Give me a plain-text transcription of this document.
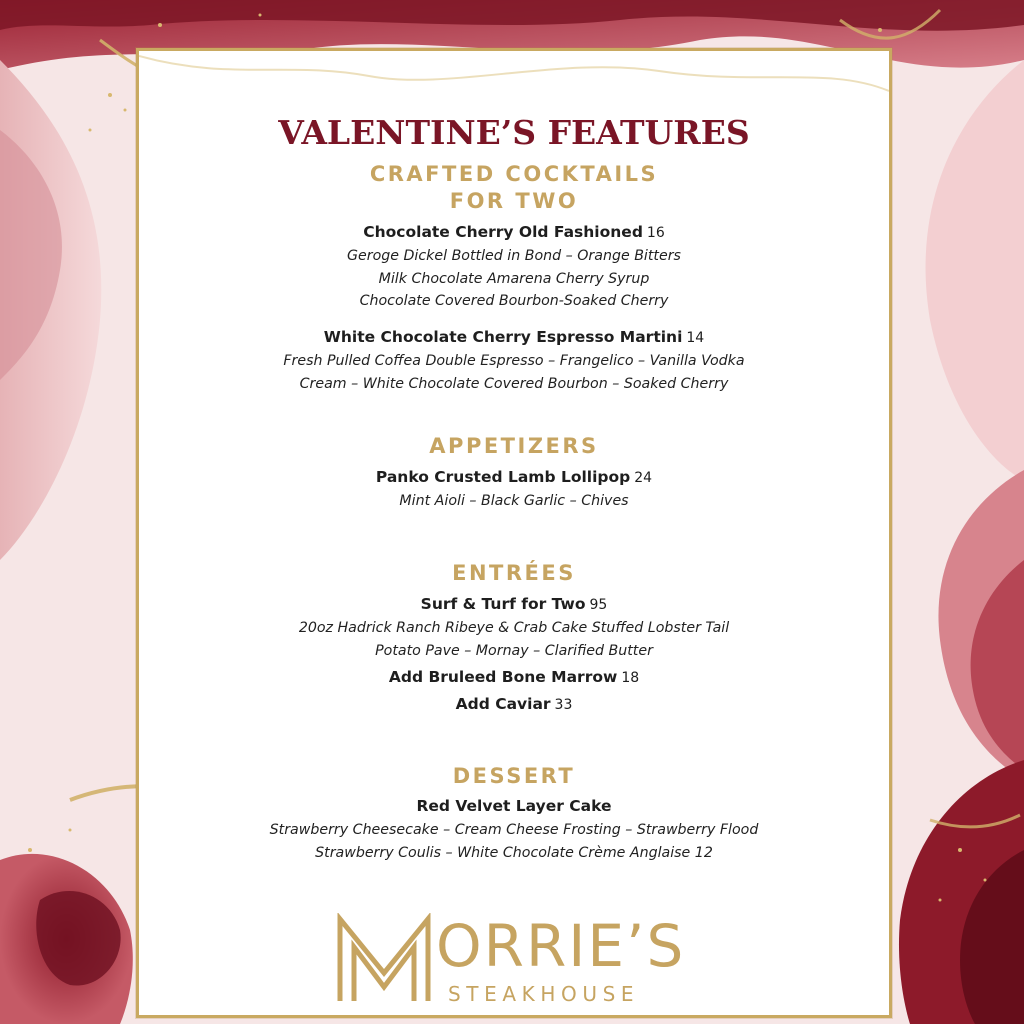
VALENTINE’S FEATURES
CRAFTED COCKTAILS
FOR TWO
Chocolate Cherry Old Fashioned 16
Geroge Dickel Bottled in Bond – Orange Bitters
Milk Chocolate Amarena Cherry Syrup
Chocolate Covered Bourbon-Soaked Cherry
White Chocolate Cherry Espresso Martini 14
Fresh Pulled Coffea Double Espresso – Frangelico – Vanilla Vodka
Cream – White Chocolate Covered Bourbon – Soaked Cherry
APPETIZERS
Panko Crusted Lamb Lollipop 24
Mint Aioli – Black Garlic – Chives
ENTRÉES
Surf & Turf for Two 95
20oz Hadrick Ranch Ribeye & Crab Cake Stuffed Lobster Tail
Potato Pave – Mornay – Clarified Butter
Add Bruleed Bone Marrow 18
Add Caviar 33
DESSERT
Red Velvet Layer Cake
Strawberry Cheesecake – Cream Cheese Frosting – Strawberry Flood
Strawberry Coulis – White Chocolate Crème Anglaise 12
ORRIE’S
STEAKHOUSE
